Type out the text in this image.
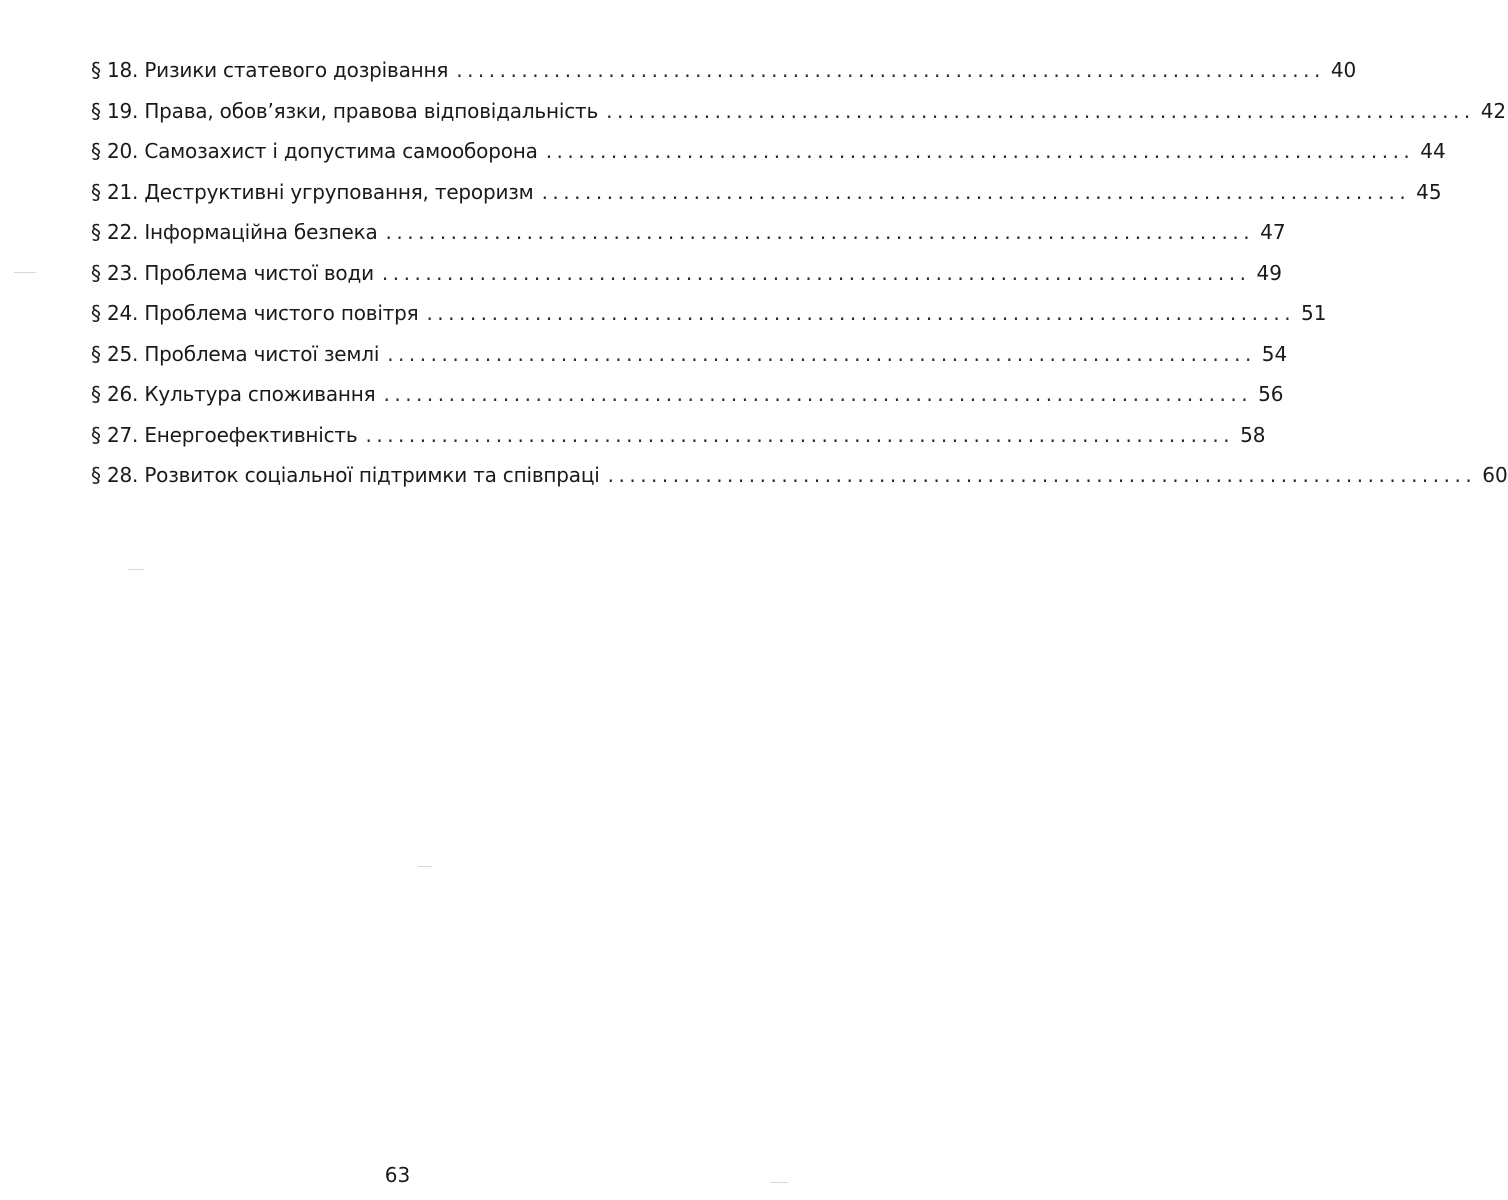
§ 18. Ризики статевого дозрівання ................................................................................ 40
§ 19. Права, обов’язки, правова відповідальність ................................................................................ 42
§ 20. Самозахист і допустима самооборона ................................................................................ 44
§ 21. Деструктивні угруповання, тероризм ................................................................................ 45
§ 22. Інформаційна безпека ................................................................................ 47
§ 23. Проблема чистої води ................................................................................ 49
§ 24. Проблема чистого повітря ................................................................................ 51
§ 25. Проблема чистої землі ................................................................................ 54
§ 26. Культура споживання ................................................................................ 56
§ 27. Енергоефективність ................................................................................ 58
§ 28. Розвиток соціальної підтримки та співпраці ................................................................................ 60
63
